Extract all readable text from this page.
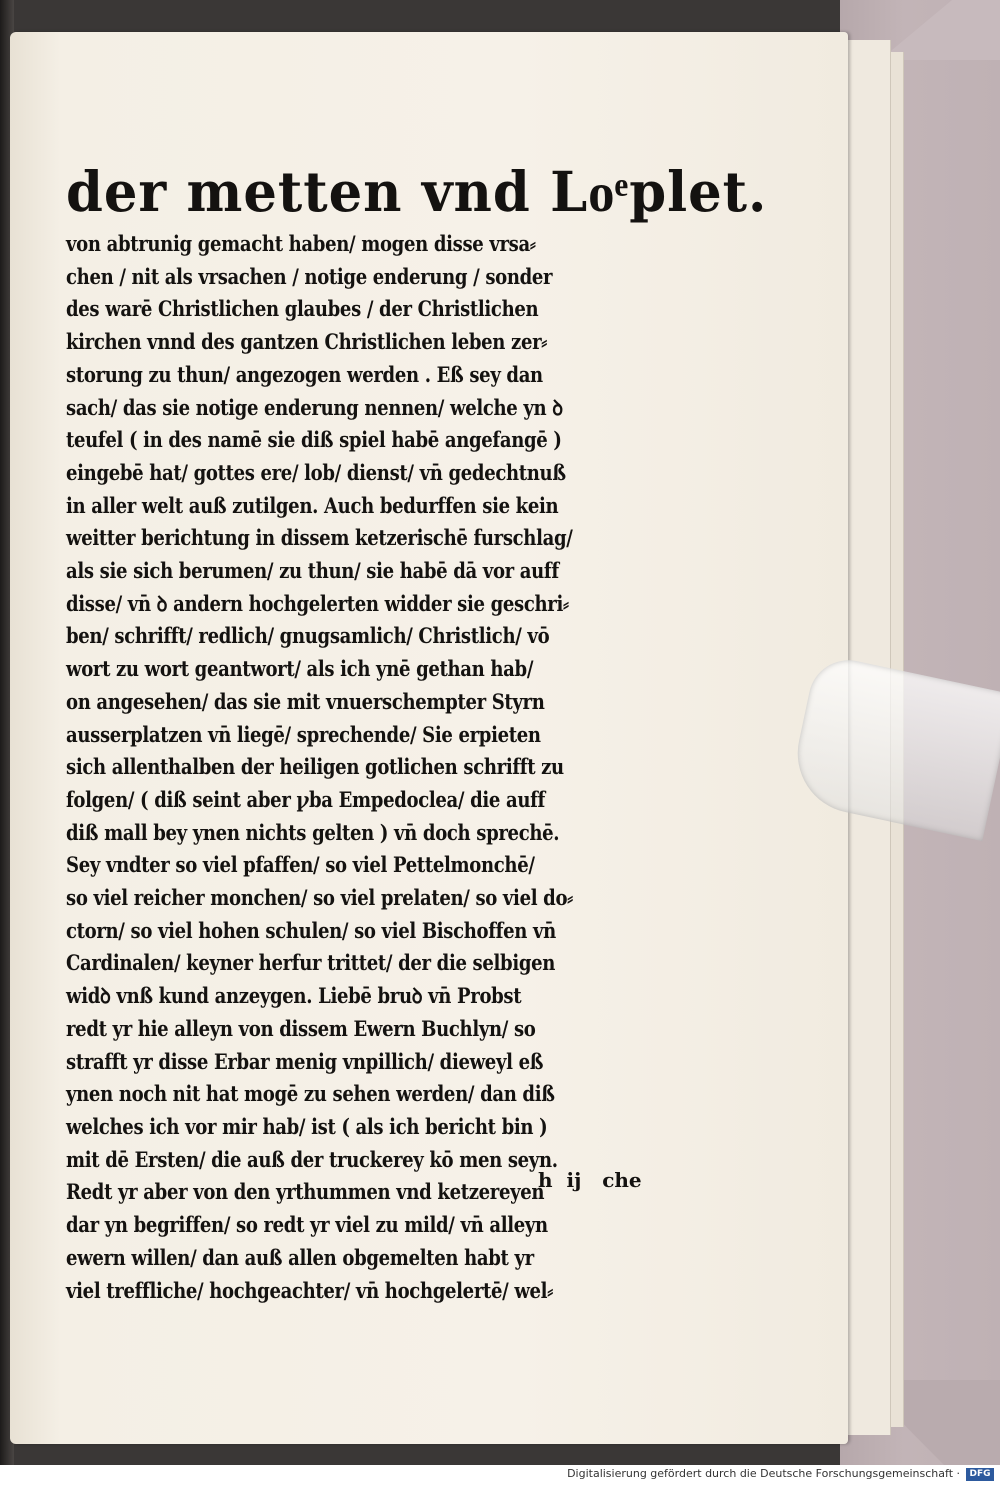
der metten vnd Loͤplet.
von abtrunig gemacht haben/ mogen disse vrsa⸗
chen / nit als vrsachen / notige enderung / sonder
des warē Christlichen glaubes / der Christlichen
kirchen vnnd des gantzen Christlichen leben zer⸗
storung zu thun/ angezogen werden . Eß sey dan
sach/ das sie notige enderung nennen/ welche yn ꝺ
teufel ( in des namē sie diß spiel habē angefangē )
eingebē hat/ gottes ere/ lob/ dienst/ vn̄ gedechtnuß
in aller welt auß zutilgen. Auch bedurffen sie kein
weitter berichtung in dissem ketzerischē furschlag/
als sie sich berumen/ zu thun/ sie habē dā vor auff
disse/ vn̄ ꝺ andern hochgelerten widder sie geschri⸗
ben/ schrifft/ redlich/ gnugsamlich/ Christlich/ vō
wort zu wort geantwort/ als ich ynē gethan hab/
on angesehen/ das sie mit vnuerschempter Styrn
ausserplatzen vn̄ liegē/ sprechende/ Sie erpieten
sich allenthalben der heiligen gotlichen schrifft zu
folgen/ ( diß seint aber ꝩba Empedoclea/ die auff
diß mall bey ynen nichts gelten ) vn̄ doch sprechē.
Sey vndter so viel pfaffen/ so viel Pettelmonchē/
so viel reicher monchen/ so viel prelaten/ so viel do⸗
ctorn/ so viel hohen schulen/ so viel Bischoffen vn̄
Cardinalen/ keyner herfur trittet/ der die selbigen
widꝺ vnß kund anzeygen. Liebē bruꝺ vn̄ Probst
redt yr hie alleyn von dissem Ewern Buchlyn/ so
strafft yr disse Erbar menig vnpillich/ dieweyl eß
ynen noch nit hat mogē zu sehen werden/ dan diß
welches ich vor mir hab/ ist ( als ich bericht bin )
mit dē Ersten/ die auß der truckerey kō men seyn.
Redt yr aber von den yrthummen vnd ketzereyen
dar yn begriffen/ so redt yr viel zu mild/ vn̄ alleyn
ewern willen/ dan auß allen obgemelten habt yr
viel treffliche/ hochgeachter/ vn̄ hochgelertē/ wel⸗
h  ij   che
Digitalisierung gefördert durch die Deutsche Forschungsgemeinschaft ·	DFG
